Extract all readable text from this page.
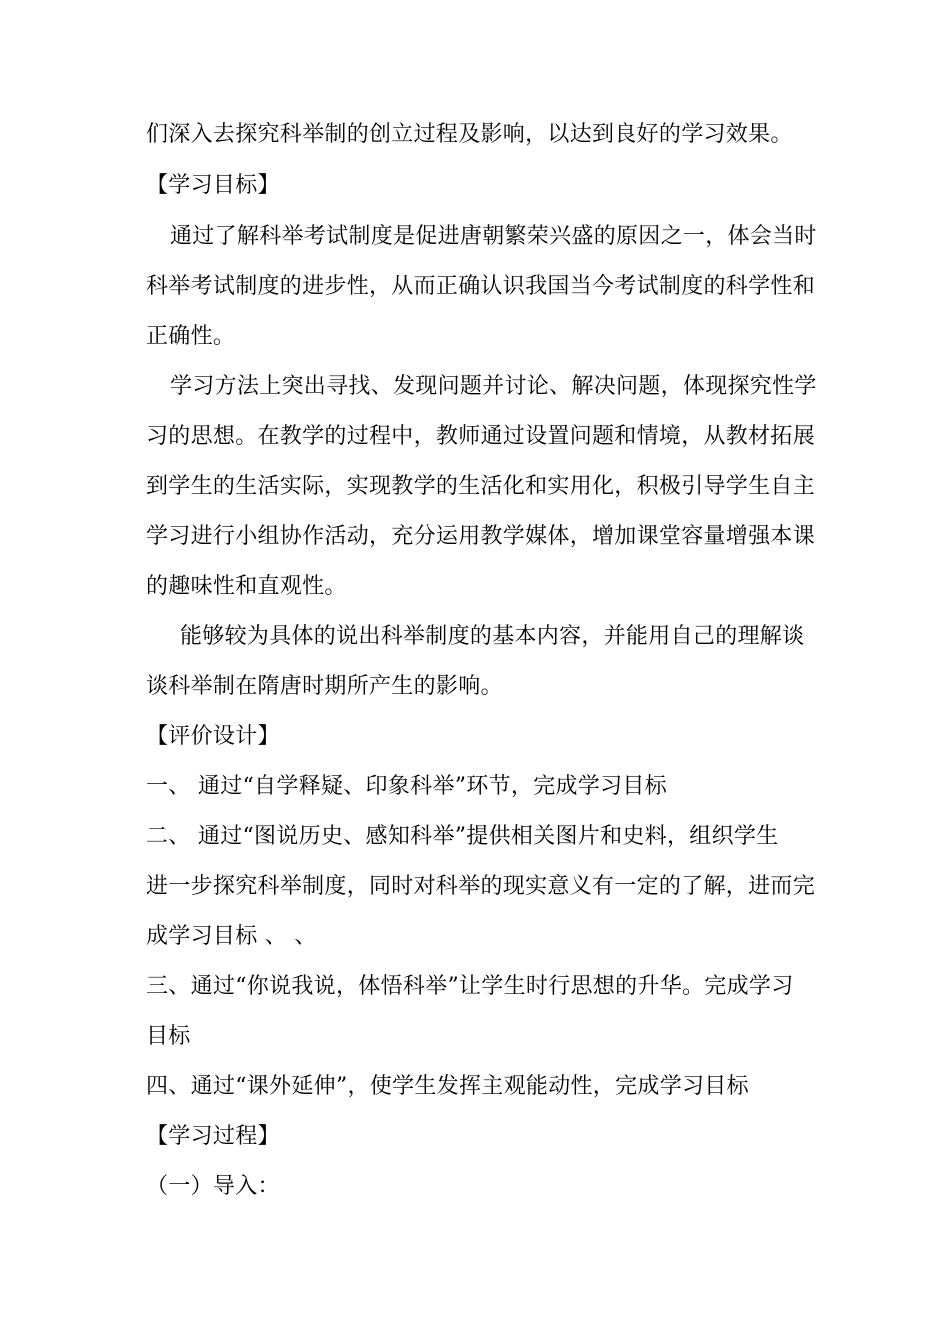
们深入去探究科举制的创立过程及影响，以达到良好的学习效果。
【学习目标】
通过了解科举考试制度是促进唐朝繁荣兴盛的原因之一，体会当时
科举考试制度的进步性，从而正确认识我国当今考试制度的科学性和
正确性。
学习方法上突出寻找、发现问题并讨论、解决问题，体现探究性学
习的思想。在教学的过程中，教师通过设置问题和情境，从教材拓展
到学生的生活实际，实现教学的生活化和实用化，积极引导学生自主
学习进行小组协作活动，充分运用教学媒体，增加课堂容量增强本课
的趣味性和直观性。
能够较为具体的说出科举制度的基本内容，并能用自己的理解谈
谈科举制在隋唐时期所产生的影响。
【评价设计】
一、 通过“自学释疑、印象科举”环节，完成学习目标
二、 通过“图说历史、感知科举”提供相关图片和史料，组织学生
进一步探究科举制度，同时对科举的现实意义有一定的了解，进而完
成学习目标 、 、
三、通过“你说我说，体悟科举”让学生时行思想的升华。完成学习
目标
四、通过“课外延伸”，使学生发挥主观能动性，完成学习目标
【学习过程】
（一）导入：
